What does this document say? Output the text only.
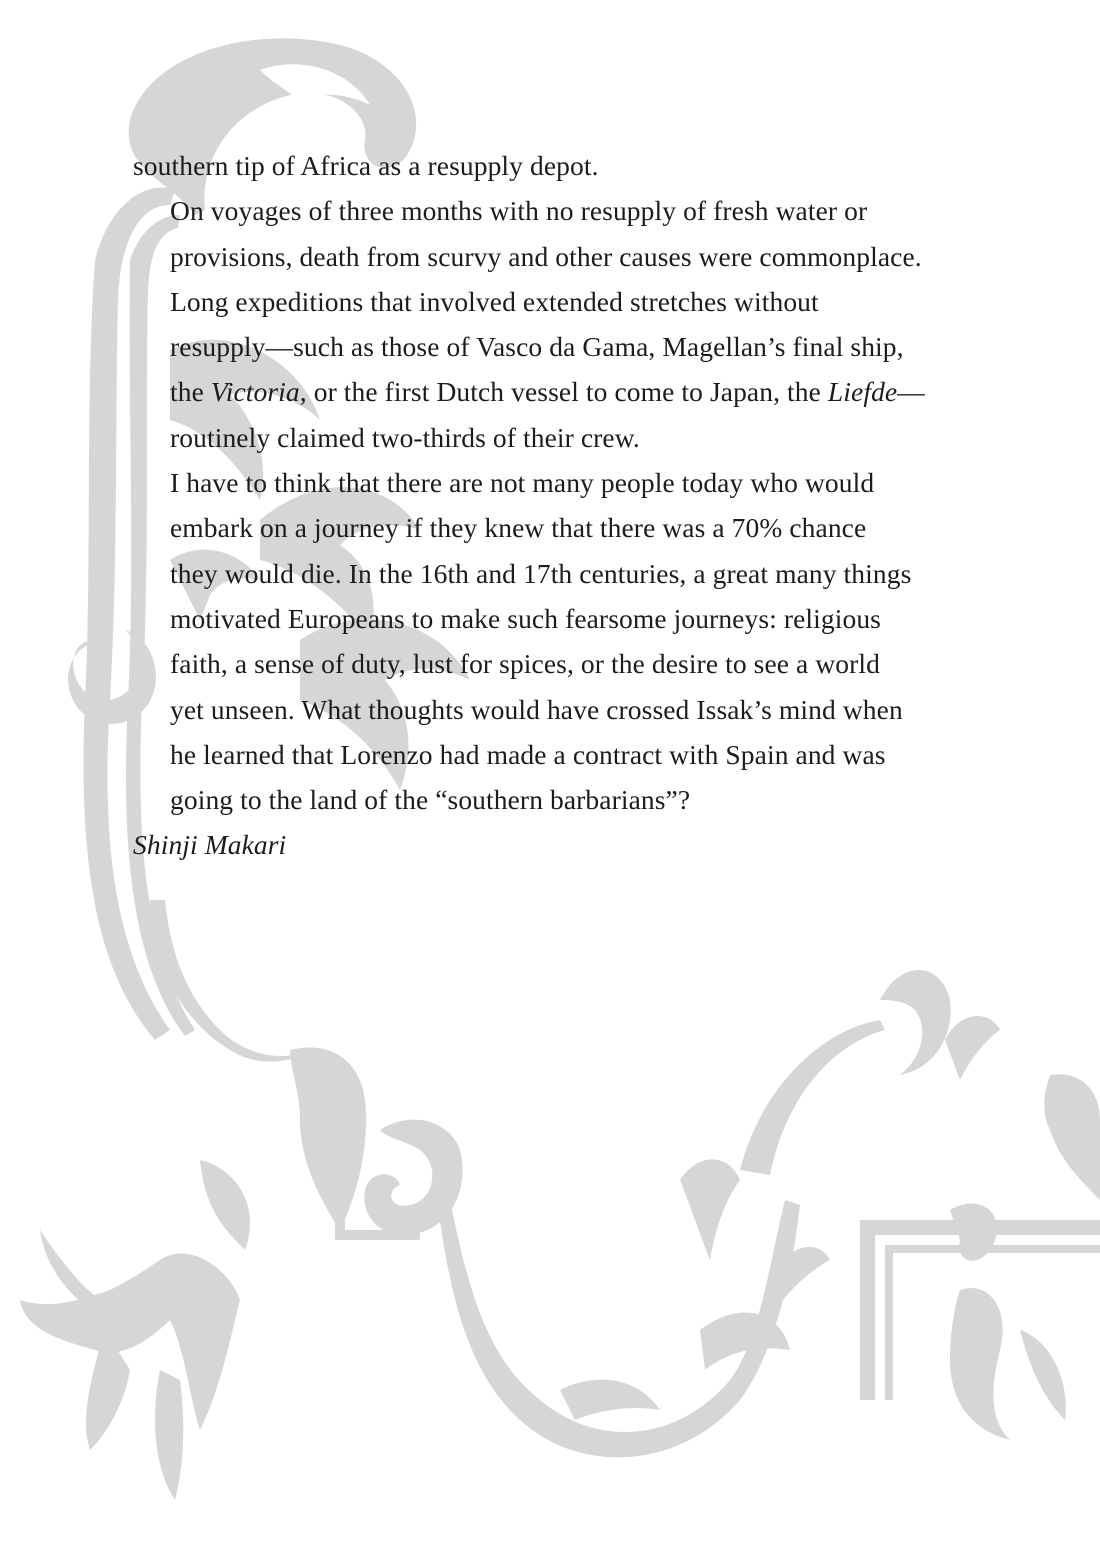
southern tip of Africa as a resupply depot.

On voyages of three months with no resupply of fresh water or
provisions, death from scurvy and other causes were commonplace.
Long expeditions that involved extended stretches without
resupply—such as those of Vasco da Gama, Magellan’s final ship,
the Victoria, or the first Dutch vessel to come to Japan, the Liefde—
routinely claimed two-thirds of their crew.

I have to think that there are not many people today who would
embark on a journey if they knew that there was a 70% chance
they would die. In the 16th and 17th centuries, a great many things
motivated Europeans to make such fearsome journeys: religious
faith, a sense of duty, lust for spices, or the desire to see a world
yet unseen. What thoughts would have crossed Issak’s mind when
he learned that Lorenzo had made a contract with Spain and was
going to the land of the “southern barbarians”?

Shinji Makari
